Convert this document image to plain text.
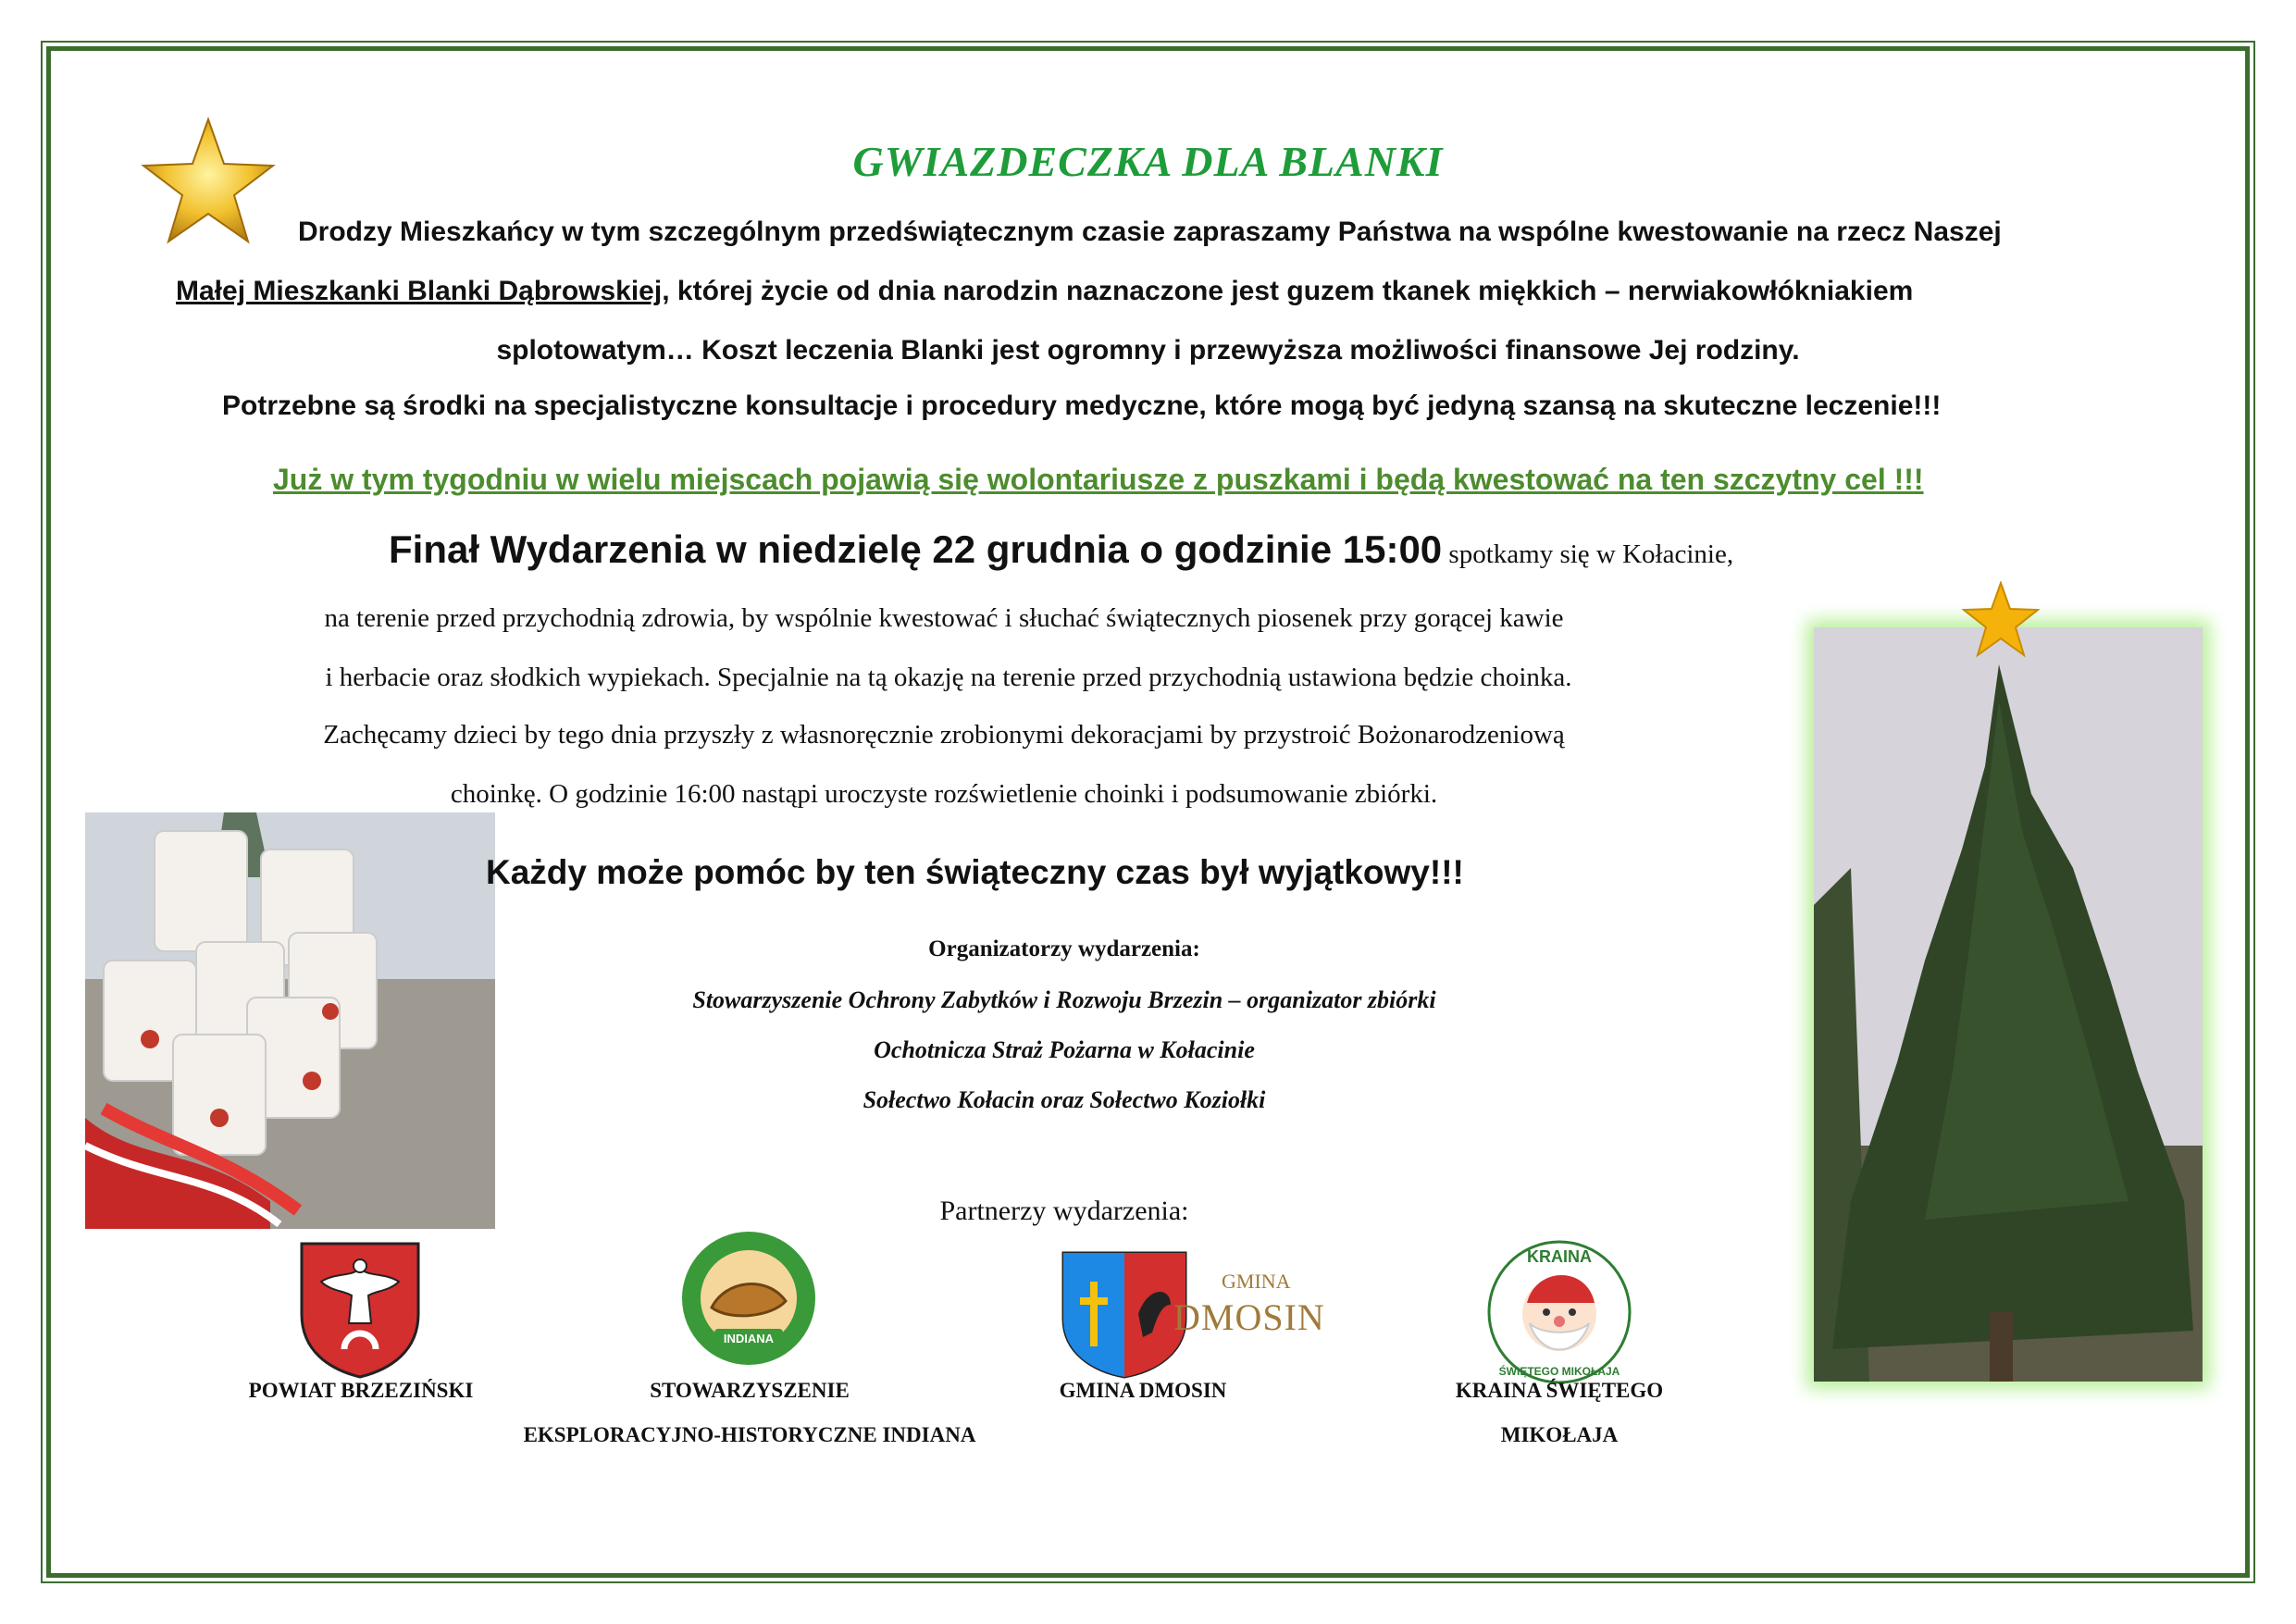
GWIAZDECZKA DLA BLANKI
Drodzy Mieszkańcy w tym szczególnym przedświątecznym czasie zapraszamy Państwa na wspólne kwestowanie na rzecz Naszej
Małej Mieszkanki Blanki Dąbrowskiej, której życie od dnia narodzin naznaczone jest guzem tkanek miękkich – nerwiakowłókniakiem
splotowatym… Koszt leczenia Blanki jest ogromny i przewyższa możliwości finansowe Jej rodziny.
Potrzebne są środki na specjalistyczne konsultacje i procedury medyczne, które mogą być jedyną szansą na skuteczne leczenie!!!
Już w tym tygodniu w wielu miejscach pojawią się wolontariusze z puszkami i będą kwestować na ten szczytny cel !!!
Finał Wydarzenia w niedzielę 22 grudnia o godzinie 15:00 spotkamy się w Kołacinie,
na terenie przed przychodnią zdrowia, by wspólnie kwestować i słuchać świątecznych piosenek przy gorącej kawie
i herbacie oraz słodkich wypiekach. Specjalnie na tą okazję na terenie przed przychodnią ustawiona będzie choinka.
Zachęcamy dzieci by tego dnia przyszły z własnoręcznie zrobionymi dekoracjami by przystroić Bożonarodzeniową
choinkę. O godzinie 16:00 nastąpi uroczyste rozświetlenie choinki i podsumowanie zbiórki.
Każdy może pomóc by ten świąteczny czas był wyjątkowy!!!
Organizatorzy wydarzenia:
Stowarzyszenie Ochrony Zabytków i Rozwoju Brzezin – organizator zbiórki
Ochotnicza Straż Pożarna w Kołacinie
Sołectwo Kołacin oraz Sołectwo Koziołki
Partnerzy wydarzenia:
POWIAT BRZEZIŃSKI
INDIANA
STOWARZYSZENIE
EKSPLORACYJNO-HISTORYCZNE INDIANA
GMINA
DMOSIN
GMINA DMOSIN
KRAINA
ŚWIĘTEGO MIKOŁAJA
KRAINA ŚWIĘTEGO
MIKOŁAJA
